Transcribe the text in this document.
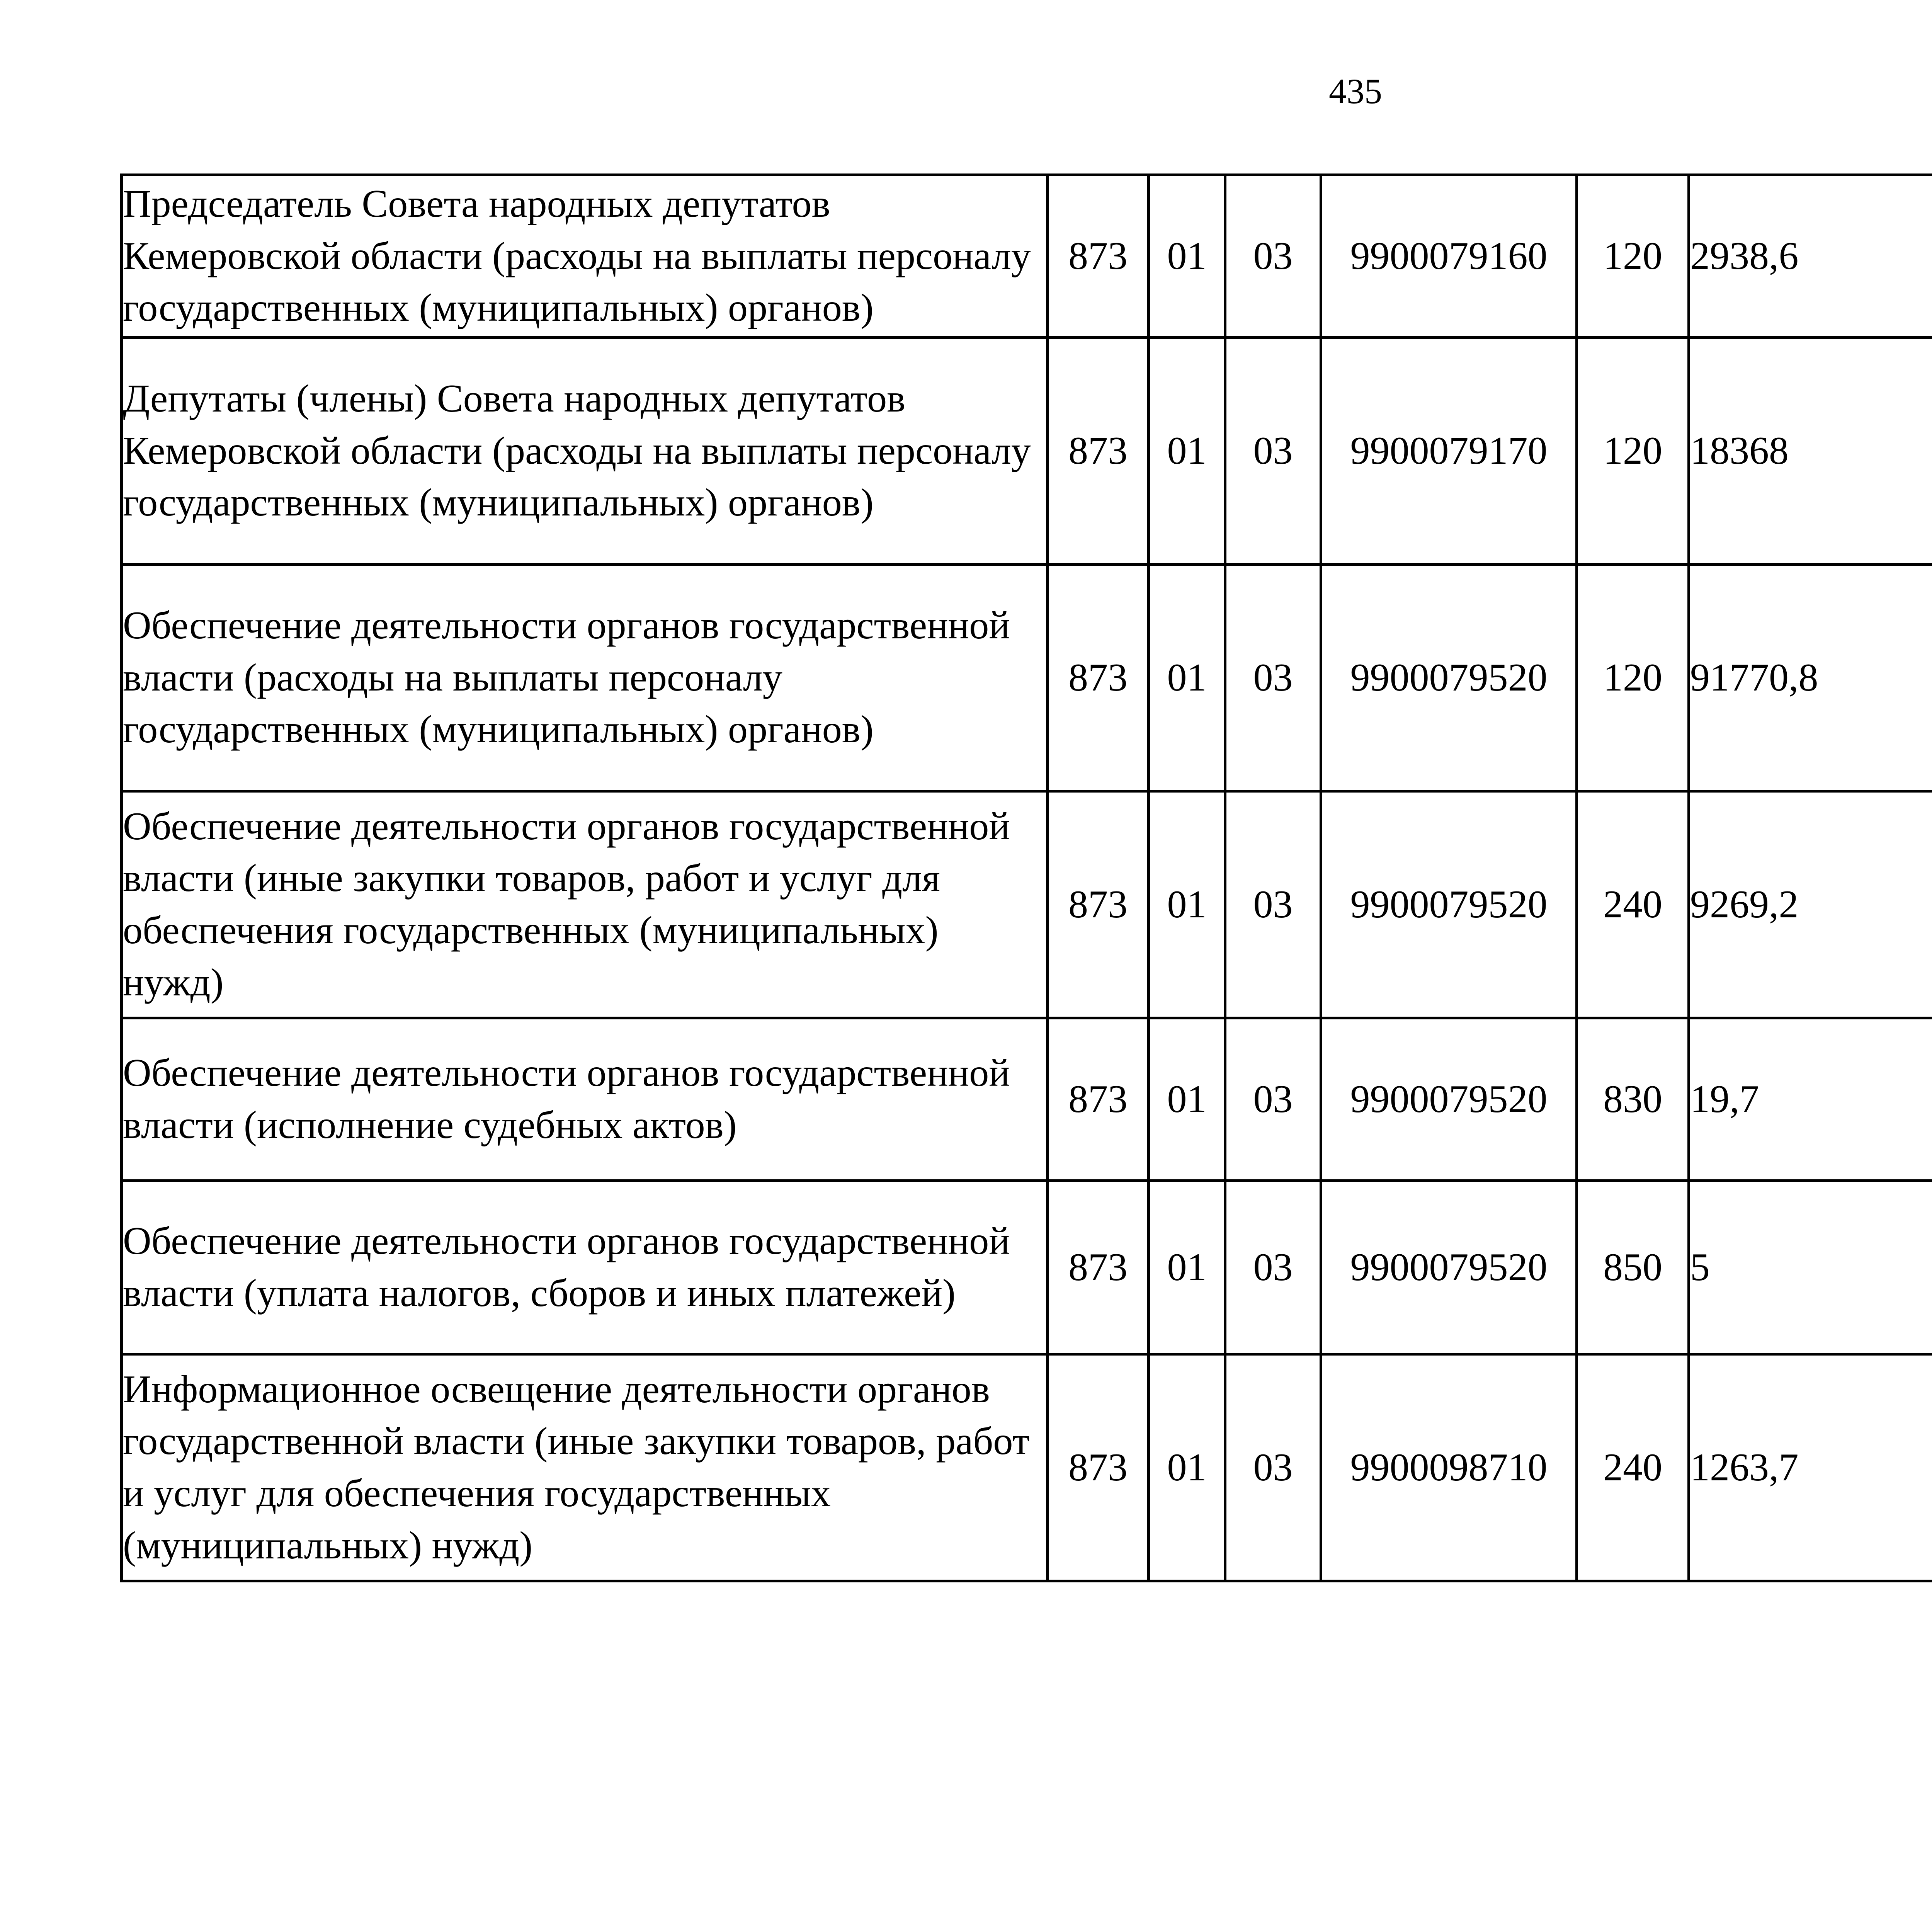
435
Председатель Совета народных депутатов Кемеровской области (расходы на выплаты персоналу государственных (муниципальных) органов)	873	01	03	9900079160	120	2938,6		
Депутаты (члены) Совета народных депутатов Кемеровской области (расходы на выплаты персоналу государственных (муниципальных) органов)	873	01	03	9900079170	120	18368		
Обеспечение деятельности органов государственной власти (расходы на выплаты персоналу государственных (муниципальных) органов)	873	01	03	9900079520	120	91770,8		
Обеспечение деятельности органов государственной власти (иные закупки товаров, работ и услуг для обеспечения государственных (муниципальных) нужд)	873	01	03	9900079520	240	9269,2		
Обеспечение деятельности органов государственной власти (исполнение судебных актов)	873	01	03	9900079520	830	19,7		
Обеспечение деятельности органов государственной власти (уплата налогов, сборов и иных платежей)	873	01	03	9900079520	850	5		
Информационное освещение деятельности органов государственной власти (иные закупки товаров, работ и услуг для обеспечения государственных (муниципальных) нужд)	873	01	03	9900098710	240	1263,7		
